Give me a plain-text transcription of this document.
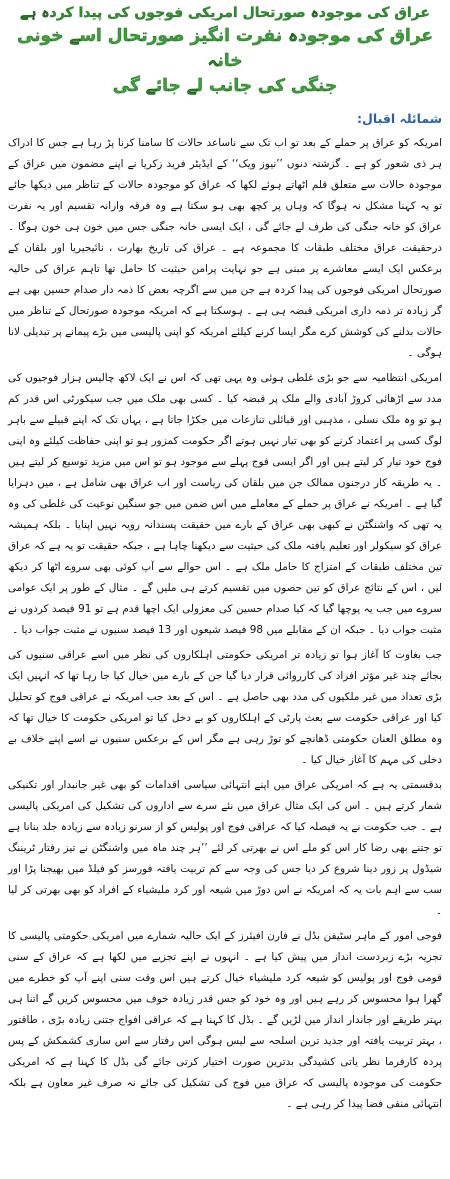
عراق کی موجودہ صورتحال امریکی فوجوں کی پیدا کردہ ہے

عراق کی موجودہ نفرت انگیز صورتحال اسے خونی خانہ

جنگی کی جانب لے جائے گی

شمائلہ اقبال:

امریکہ کو عراق پر حملے کے بعد تو اب تک سے ناساعد حالات کا سامنا کرنا پڑ رہا ہے جس کا ادراک ہر ذی شعور کو ہے ۔ گزشتہ دنوں ’’نیوز ویک‘‘ کے ایڈیٹر فرید زکریا نے اپنے مضمون میں عراق کے موجودہ حالات سے متعلق قلم اٹھاتے ہوئے لکھا کہ عراق کو موجودہ حالات کے تناظر میں دیکھا جائے تو یہ کہنا مشکل نہ ہوگا کہ وہاں پر کچھ بھی ہو سکتا ہے وہ فرقہ وارانہ تقسیم اور یہ نفرت عراق کو خانہ جنگی کی طرف لے جائے گی ، ایک ایسی خانہ جنگی جس میں خون ہی خون ہوگا ۔ درحقیقت عراق مختلف طبقات کا مجموعہ ہے ۔ عراق کی تاریخ بھارت ، نائیجیریا اور بلقان کے برعکس ایک ایسے معاشرے پر مبنی ہے جو نہایت پرامن حیثیت کا حامل تھا تاہم عراق کی حالیہ صورتحال امریکی فوجوں کی پیدا کردہ ہے جن میں سے اگرچہ بعض کا ذمہ دار صدام حسین بھی ہے گر زیادہ تر ذمہ داری امریکی قبضہ ہی ہے ۔ ہوسکتا ہے کہ امریکہ موجودہ صورتحال کے تناظر میں حالات بدلنے کی کوشش کرے مگر ایسا کرنے کیلئے امریکہ کو اپنی پالیسی میں بڑے پیمانے پر تبدیلی لانا ہوگی ۔

امریکی انتظامیہ سے جو بڑی غلطی ہوئی وہ یہی تھی کہ اس نے ایک لاکھ چالیس ہزار فوجیوں کی مدد سے اڑھائی کروڑ آبادی والے ملک پر قبضہ کیا ۔ کسی بھی ملک میں جب سیکورٹی اس قدر کم ہو تو وہ ملک نسلی ، مذہبی اور قبائلی تنازعات میں جکڑا جاتا ہے ، یہاں تک کہ اپنے قبیلے سے باہر لوگ کسی پر اعتماد کرنے کو بھی تیار نہیں ہوتے اگر حکومت کمزور ہو تو اپنی حفاظت کیلئے وہ اپنی فوج خود تیار کر لیتے ہیں اور اگر ایسی فوج پہلے سے موجود ہو تو اس میں مزید توسیع کر لیتے ہیں ۔ یہ طریقہ کار درجنوں ممالک جن میں بلقان کی ریاست اور اب عراق بھی شامل ہے ، میں دہرایا گیا ہے ۔ امریکہ نے عراق پر حملے کے معاملے میں اس ضمن میں جو سنگین نوعیت کی غلطی کی وہ یہ تھی کہ واشنگٹن نے کبھی بھی عراق کے بارے میں حقیقت پسندانہ رویہ نہیں اپنایا ۔ بلکہ ہمیشہ عراق کو سیکولر اور تعلیم یافتہ ملک کی حیثیت سے دیکھنا چاہا ہے ، جبکہ حقیقت تو یہ ہے کہ عراق تین مختلف طبقات کے امتزاج کا حامل ملک ہے ۔ اس حوالے سے آپ کوئی بھی سروے اٹھا کر دیکھ لیں ، اس کے نتائج عراق کو تین حصوں میں تقسیم کرتے ہی ملیں گے ۔ مثال کے طور پر ایک عوامی سروے میں جب یہ پوچھا گیا کہ کیا صدام حسین کی معزولی ایک اچھا قدم ہے تو 91 فیصد کردوں نے مثبت جواب دیا ۔ جبکہ ان کے مقابلے میں 98 فیصد شیعوں اور 13 فیصد سنیوں نے مثبت جواب دیا ۔

جب بغاوت کا آغاز ہوا تو زیادہ تر امریکی حکومتی اہلکاروں کی نظر میں اسے عراقی سنیوں کی بجائے چند غیر مؤثر افراد کی کارروائی قرار دیا گیا جن کے بارے میں خیال کیا جا رہا تھا کہ انہیں ایک بڑی تعداد میں غیر ملکیوں کی مدد بھی حاصل ہے ۔ اس کے بعد جب امریکہ نے عراقی فوج کو تحلیل کیا اور عراقی حکومت سے بعث پارٹی کے اہلکاروں کو بے دخل کیا تو امریکی حکومت کا خیال تھا کہ وہ مطلق العنان حکومتی ڈھانچے کو توڑ رہی ہے مگر اس کے برعکس سنیوں نے اسے اپنے خلاف بے دخلی کی مہم کا آغاز خیال کیا ۔

بدقسمتی یہ ہے کہ امریکی عراق میں اپنے انتہائی سیاسی اقدامات کو بھی غیر جانبدار اور تکنیکی شمار کرتے ہیں ۔ اس کی ایک مثال عراق میں نئے سرے سے اداروں کی تشکیل کی امریکی پالیسی ہے ۔ جب حکومت نے یہ فیصلہ کیا کہ عراقی فوج اور پولیس کو از سرنو زیادہ سے زیادہ جلد بنانا ہے تو جتنے بھی رضا کار اس کو ملے اس نے بھرتی کر لئے ’’ہر چند ماہ میں واشنگٹن نے تیز رفتار ٹریننگ شیڈول پر زور دینا شروع کر دیا جس کی وجہ سے کم تربیت یافتہ فورسز کو فیلڈ میں بھیجنا پڑا اور سب سے اہم بات یہ کہ امریکہ نے اس دوڑ میں شیعہ اور کرد ملیشیاء کے افراد کو بھی بھرتی کر لیا ۔

فوجی امور کے ماہر سٹیفن بڈل نے فارن افیئرز کے ایک حالیہ شمارے میں امریکی حکومتی پالیسی کا تجزیہ بڑے زبردست انداز میں پیش کیا ہے ۔ انہوں نے اپنے تجزیے میں لکھا ہے کہ عراق کے سنی قومی فوج اور پولیس کو شیعہ کرد ملیشیاء خیال کرتے ہیں اس وقت سنی اپنے آپ کو خطرے میں گھرا ہوا محسوس کر رہے ہیں اور وہ خود کو جس قدر زیادہ خوف میں محسوس کریں گے اتنا ہی بہتر طریقے اور جاندار انداز میں لڑیں گے ۔ بڈل کا کہنا ہے کہ عراقی افواج جتنی زیادہ بڑی ، طاقتور ، بہتر تربیت یافتہ اور جدید ترین اسلحہ سے لیس ہوگی اس رفتار سے اس ساری کشمکش کے پس پردہ کارفرما نظر یاتی کشیدگی بدترین صورت اختیار کرتی جائے گی بڈل کا کہنا ہے کہ امریکی حکومت کی موجودہ پالیسی کہ عراق میں فوج کی تشکیل کی جائے نہ صرف غیر معاون ہے بلکہ انتہائی منفی فضا پیدا کر رہی ہے ۔
